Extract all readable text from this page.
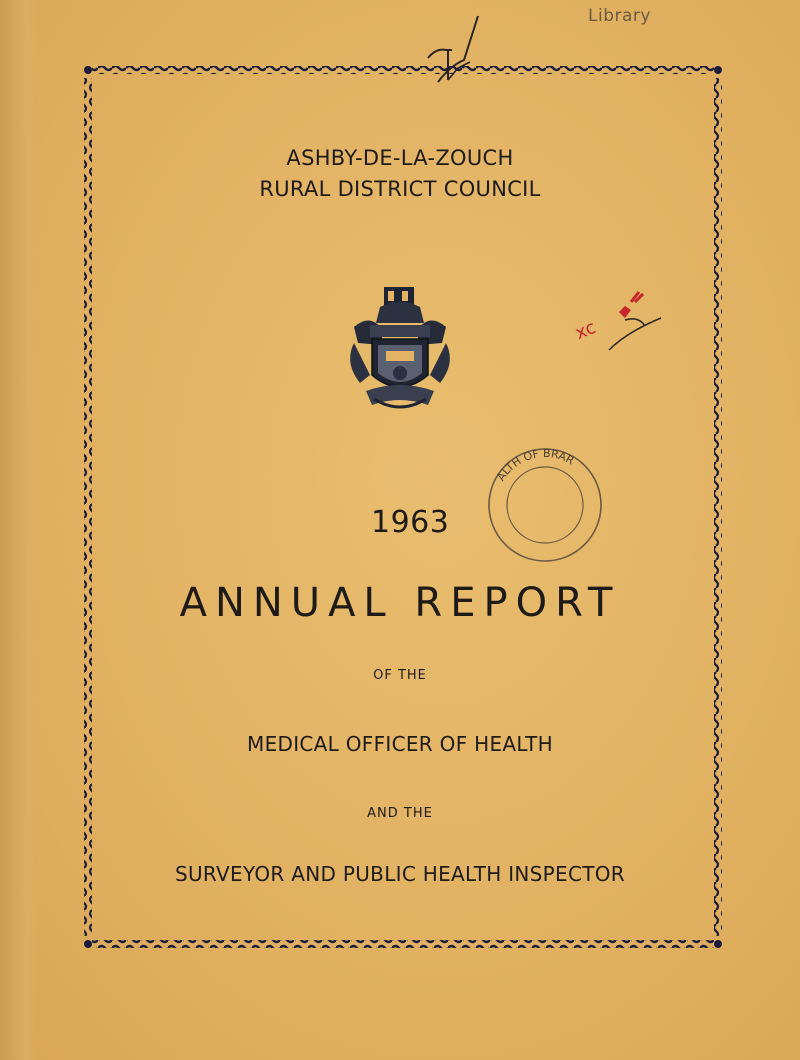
Library
ASHBY-DE-LA-ZOUCH
RURAL DISTRICT COUNCIL
xc
1963
ALTH OF BRAR
ANNUAL REPORT
OF THE
MEDICAL OFFICER OF HEALTH
AND THE
SURVEYOR AND PUBLIC HEALTH INSPECTOR
